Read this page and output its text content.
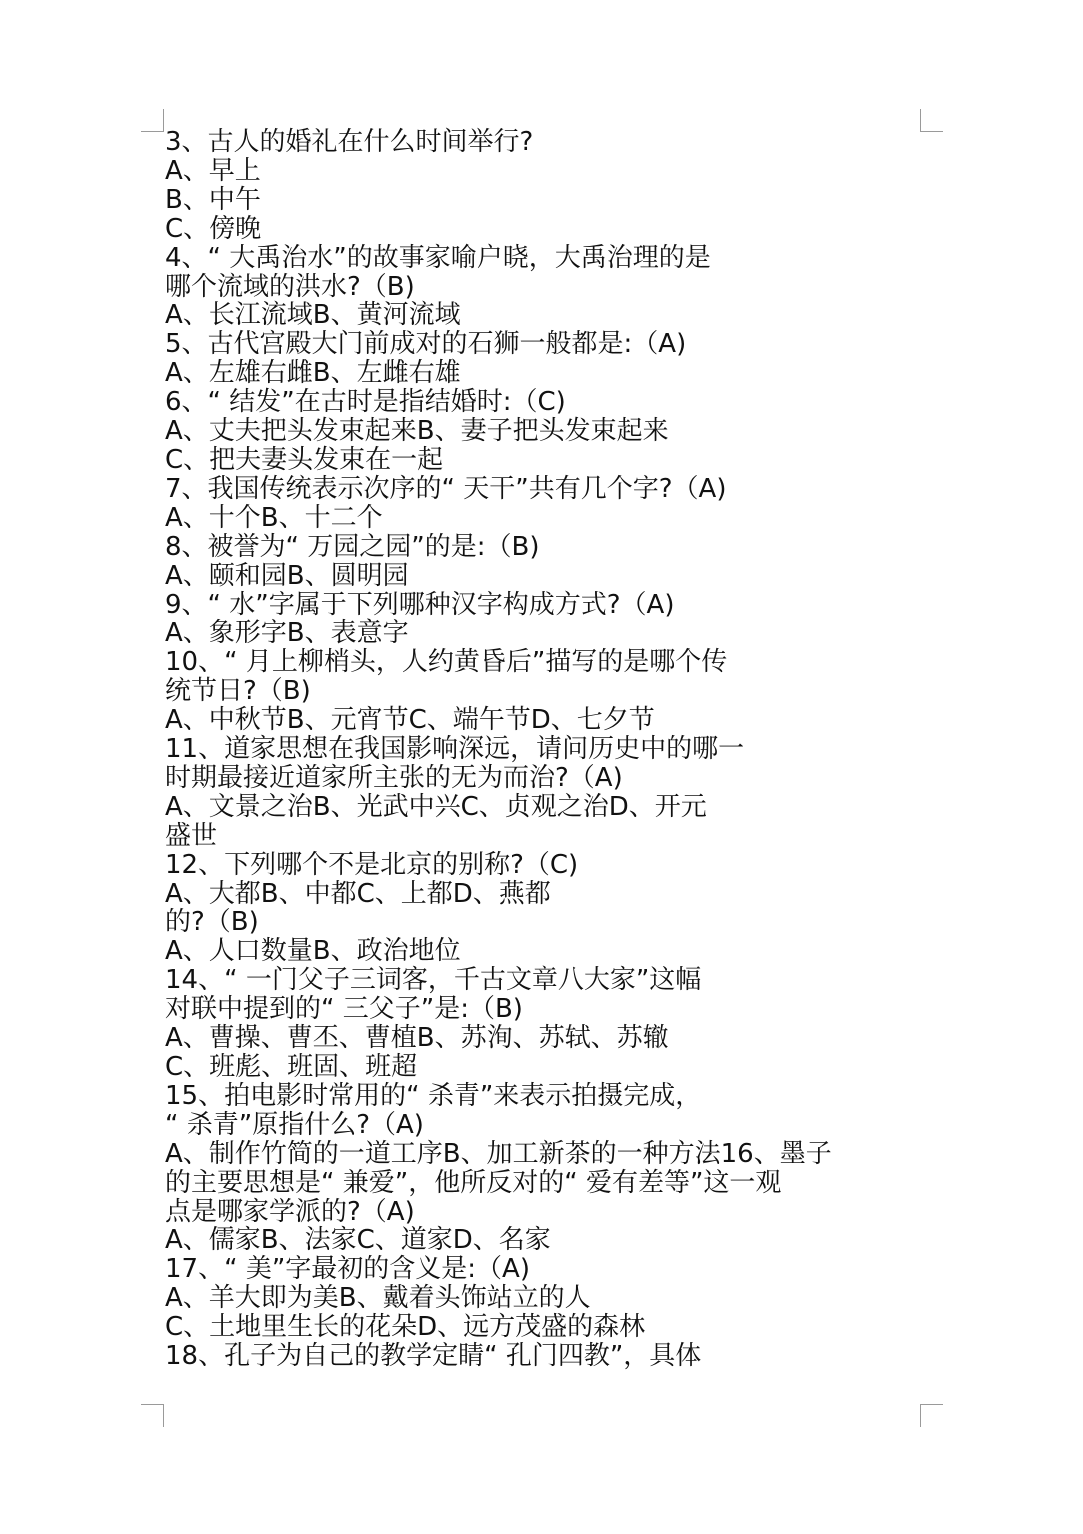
3、古人的婚礼在什么时间举行?
A、早上
B、中午
C、傍晚
4、“ 大禹治水”的故事家喻户晓，大禹治理的是
哪个流域的洪水?（B)
A、长江流域B、黄河流域
5、古代宫殿大门前成对的石狮一般都是:（A)
A、左雄右雌B、左雌右雄
6、“ 结发”在古时是指结婚时:（C)
A、丈夫把头发束起来B、妻子把头发束起来
C、把夫妻头发束在一起
7、我国传统表示次序的“ 天干”共有几个字?（A)
A、十个B、十二个
8、被誉为“ 万园之园”的是:（B)
A、颐和园B、圆明园
9、“ 水”字属于下列哪种汉字构成方式?（A)
A、象形字B、表意字
10、“ 月上柳梢头，人约黄昏后”描写的是哪个传
统节日?（B)
A、中秋节B、元宵节C、端午节D、七夕节
11、道家思想在我国影响深远，请问历史中的哪一
时期最接近道家所主张的无为而治?（A)
A、文景之治B、光武中兴C、贞观之治D、开元
盛世
12、下列哪个不是北京的别称?（C)
A、大都B、中都C、上都D、燕都
的?（B)
A、人口数量B、政治地位
14、“ 一门父子三词客，千古文章八大家”这幅
对联中提到的“ 三父子”是:（B)
A、曹操、曹丕、曹植B、苏洵、苏轼、苏辙
C、班彪、班固、班超
15、拍电影时常用的“ 杀青”来表示拍摄完成，
“ 杀青”原指什么?（A)
A、制作竹简的一道工序B、加工新茶的一种方法16、墨子
的主要思想是“ 兼爱”，他所反对的“ 爱有差等”这一观
点是哪家学派的?（A)
A、儒家B、法家C、道家D、名家
17、“ 美”字最初的含义是:（A)
A、羊大即为美B、戴着头饰站立的人
C、土地里生长的花朵D、远方茂盛的森林
18、孔子为自己的教学定睛“ 孔门四教”，具体
